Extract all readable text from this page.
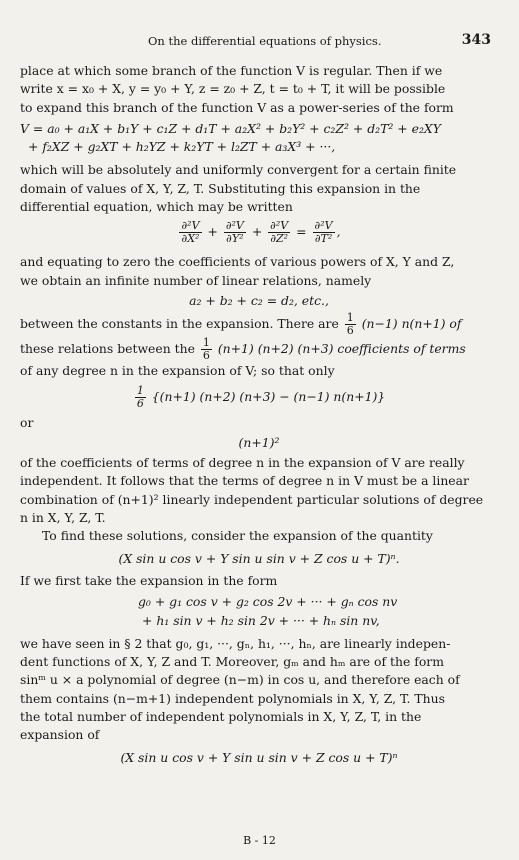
On the differential equations of physics.	343

place at which some branch of the function V is regular. Then if we

write x = x₀ + X, y = y₀ + Y, z = z₀ + Z, t = t₀ + T, it will be possible

to expand this branch of the function V as a power-series of the form

V = a₀ + a₁X + b₁Y + c₁Z + d₁T + a₂X² + b₂Y² + c₂Z² + d₂T² + e₂XY
+ f₂XZ + g₂XT + h₂YZ + k₂YT + l₂ZT + a₃X³ + ···,

which will be absolutely and uniformly convergent for a certain finite

domain of values of X, Y, Z, T. Substituting this expansion in the

differential equation, which may be written

$\frac{\text{∂²V}}{\text{∂X²}} + \frac{\text{∂²V}}{\text{∂Y²}} + \frac{\text{∂²V}}{\text{∂Z²}} = \frac{\text{∂²V}}{\text{∂T²}}$ ,

and equating to zero the coefficients of various powers of X, Y and Z,

we obtain an infinite number of linear relations, namely

a₂ + b₂ + c₂ = d₂, etc.,

between the constants in the expansion. There are $\frac{1}{6} (n-1)$ n(n+1) of

these relations between the $\frac{1}{6} (n+1)$ (n+2) (n+3) coefficients of terms

of any degree n in the expansion of V; so that only

$\frac{1}{6} \{(n+1)$ (n+2) (n+3) − (n−1) n(n+1)}

or

(n+1)²

of the coefficients of terms of degree n in the expansion of V are really

independent. It follows that the terms of degree n in V must be a linear

combination of (n+1)² linearly independent particular solutions of degree

n in X, Y, Z, T.

To find these solutions, consider the expansion of the quantity

(X sin u cos v + Y sin u sin v + Z cos u + T)ⁿ.

If we first take the expansion in the form

g₀ + g₁ cos v + g₂ cos 2v + ··· + gₙ cos nv
+ h₁ sin v + h₂ sin 2v + ··· + hₙ sin nv,

we have seen in § 2 that g₀, g₁, ···, gₙ, h₁, ···, hₙ, are linearly indepen-

dent functions of X, Y, Z and T. Moreover, gₘ and hₘ are of the form

sinᵐ u × a polynomial of degree (n−m) in cos u, and therefore each of

them contains (n−m+1) independent polynomials in X, Y, Z, T. Thus

the total number of independent polynomials in X, Y, Z, T, in the

expansion of

(X sin u cos v + Y sin u sin v + Z cos u + T)ⁿ
B - 12
